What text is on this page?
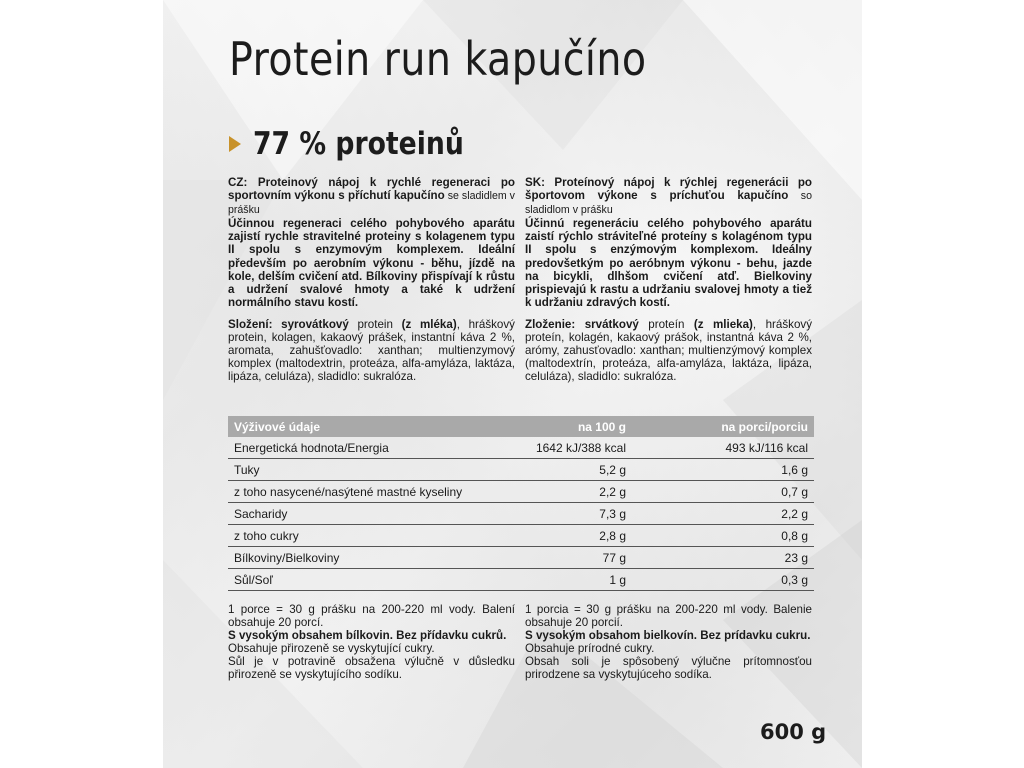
Protein run kapučíno
77 % proteinů

CZ: Proteinový nápoj k rychlé regeneraci po sportovním výkonu s příchutí kapučíno se sladidlem v prášku

Účinnou regeneraci celého pohybového aparátu zajistí rychle stravitelné proteiny s kolagenem typu II spolu s enzymovým komplexem. Ideální především po aerobním výkonu - běhu, jízdě na kole, delším cvičení atd. Bílkoviny přispívají k růstu a udržení svalové hmoty a také k udržení normálního stavu kostí.

SK: Proteínový nápoj k rýchlej regenerácii po športovom výkone s príchuťou kapučíno so sladidlom v prášku

Účinnú regeneráciu celého pohybového aparátu zaistí rýchlo stráviteľné proteíny s kolagénom typu II spolu s enzýmovým komplexom. Ideálny predovšetkým po aeróbnym výkonu - behu, jazde na bicykli, dlhšom cvičení atď. Bielkoviny prispievajú k rastu a udržaniu svalovej hmoty a tiež k udržaniu zdravých kostí.

Složení: syrovátkový protein (z mléka), hráškový protein, kolagen, kakaový prášek, instantní káva 2 %, aromata, zahušťovadlo: xanthan; multienzymový komplex (maltodextrin, proteáza, alfa-amyláza, laktáza, lipáza, celuláza), sladidlo: sukralóza.

Zloženie: srvátkový proteín (z mlieka), hráškový proteín, kolagén, kakaový prášok, instantná káva 2 %, arómy, zahusťovadlo: xanthan; multienzýmový komplex (maltodextrín, proteáza, alfa-amyláza, laktáza, lipáza, celuláza), sladidlo: sukralóza.

Výživové údaje	na 100 g	na porci/porciu
Energetická hodnota/Energia	1642 kJ/388 kcal	493 kJ/116 kcal
Tuky	5,2 g	1,6 g
z toho nasycené/nasýtené mastné kyseliny	2,2 g	0,7 g
Sacharidy	7,3 g	2,2 g
z toho cukry	2,8 g	0,8 g
Bílkoviny/Bielkoviny	77 g	23 g
Sůl/Soľ	1 g	0,3 g

1 porce = 30 g prášku na 200-220 ml vody. Balení obsahuje 20 porcí.

S vysokým obsahem bílkovin. Bez přídavku cukrů.

Obsahuje přirozeně se vyskytující cukry.

Sůl je v potravině obsažena výlučně v důsledku přirozeně se vyskytujícího sodíku.

1 porcia = 30 g prášku na 200-220 ml vody. Balenie obsahuje 20 porcií.

S vysokým obsahom bielkovín. Bez prídavku cukru.

Obsahuje prírodné cukry.

Obsah soli je spôsobený výlučne prítomnosťou prirodzene sa vyskytujúceho sodíka.

600 g
